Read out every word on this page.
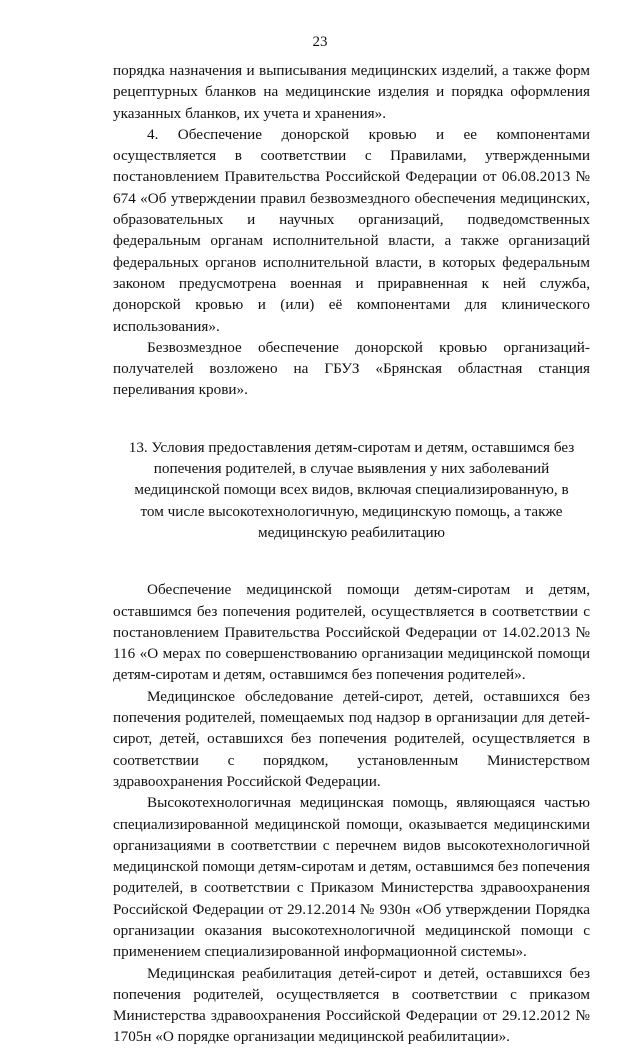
23

порядка назначения и выписывания медицинских изделий, а также форм рецептурных бланков на медицинские изделия и порядка оформления указанных бланков, их учета и хранения».

4. Обеспечение донорской кровью и ее компонентами осуществляется в соответствии с Правилами, утвержденными постановлением Правительства Российской Федерации от 06.08.2013 № 674 «Об утверждении правил безвозмездного обеспечения медицинских, образовательных и научных организаций, подведомственных федеральным органам исполнительной власти, а также организаций федеральных органов исполнительной власти, в которых федеральным законом предусмотрена военная и приравненная к ней служба, донорской кровью и (или) её компонентами для клинического использования».

Безвозмездное обеспечение донорской кровью организаций-получателей возложено на ГБУЗ «Брянская областная станция переливания крови».

13. Условия предоставления детям-сиротам и детям, оставшимся без попечения родителей, в случае выявления у них заболеваний медицинской помощи всех видов, включая специализированную, в том числе высокотехнологичную, медицинскую помощь, а также медицинскую реабилитацию

Обеспечение медицинской помощи детям-сиротам и детям, оставшимся без попечения родителей, осуществляется в соответствии с постановлением Правительства Российской Федерации от 14.02.2013 № 116 «О мерах по совершенствованию организации медицинской помощи детям-сиротам и детям, оставшимся без попечения родителей».

Медицинское обследование детей-сирот, детей, оставшихся без попечения родителей, помещаемых под надзор в организации для детей-сирот, детей, оставшихся без попечения родителей, осуществляется в соответствии с порядком, установленным Министерством здравоохранения Российской Федерации.

Высокотехнологичная медицинская помощь, являющаяся частью специализированной медицинской помощи, оказывается медицинскими организациями в соответствии с перечнем видов высокотехнологичной медицинской помощи детям-сиротам и детям, оставшимся без попечения родителей, в соответствии с Приказом Министерства здравоохранения Российской Федерации от 29.12.2014 № 930н «Об утверждении Порядка организации оказания высокотехнологичной медицинской помощи с применением специализированной информационной системы».

Медицинская реабилитация детей-сирот и детей, оставшихся без попечения родителей, осуществляется в соответствии с приказом Министерства здравоохранения Российской Федерации от 29.12.2012 № 1705н «О порядке организации медицинской реабилитации».
